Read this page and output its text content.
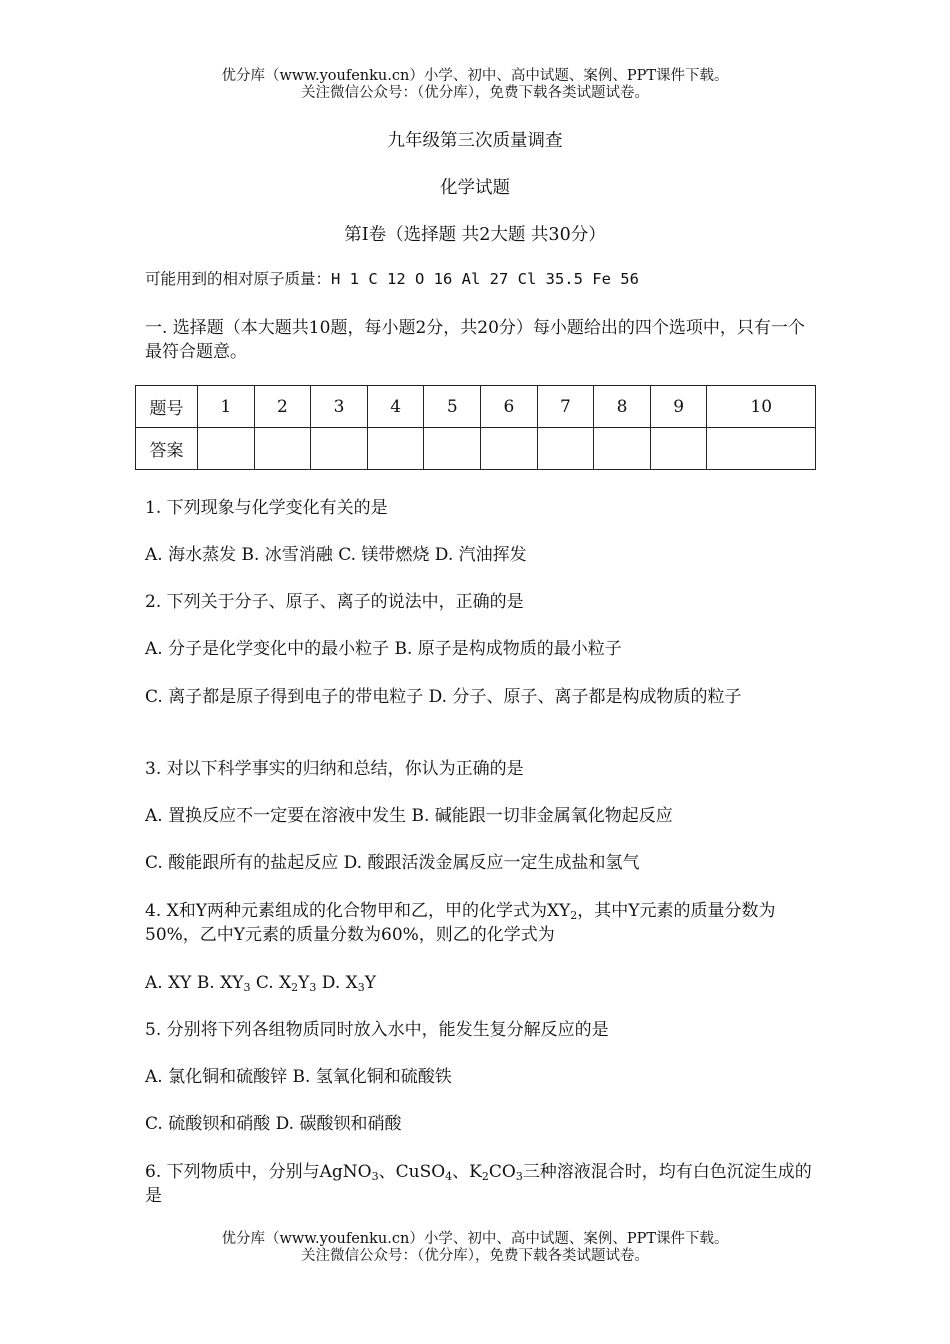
优分库（www.youfenku.cn）小学、初中、高中试题、案例、PPT课件下载。
关注微信公众号：（优分库），免费下载各类试题试卷。
九年级第三次质量调查
化学试题
第Ⅰ卷（选择题 共2大题 共30分）
可能用到的相对原子质量：H 1 C 12 O 16 Al 27 Cl 35.5 Fe 56
一. 选择题（本大题共10题，每小题2分，共20分）每小题给出的四个选项中，只有一个最符合题意。
题号	1	2	3	4	5	6	7	8	9	10
答案										
1. 下列现象与化学变化有关的是
A. 海水蒸发 B. 冰雪消融 C. 镁带燃烧 D. 汽油挥发
2. 下列关于分子、原子、离子的说法中，正确的是
A. 分子是化学变化中的最小粒子 B. 原子是构成物质的最小粒子
C. 离子都是原子得到电子的带电粒子 D. 分子、原子、离子都是构成物质的粒子
3. 对以下科学事实的归纳和总结，你认为正确的是
A. 置换反应不一定要在溶液中发生 B. 碱能跟一切非金属氧化物起反应
C. 酸能跟所有的盐起反应 D. 酸跟活泼金属反应一定生成盐和氢气
4. X和Y两种元素组成的化合物甲和乙，甲的化学式为$XY_2$，其中Y元素的质量分数为50%，乙中Y元素的质量分数为60%，则乙的化学式为
A. XY B. $XY_3$ C. $X_2Y_3$ D. $X_3Y$
5. 分别将下列各组物质同时放入水中，能发生复分解反应的是
A. 氯化铜和硫酸锌 B. 氢氧化铜和硫酸铁
C. 硫酸钡和硝酸 D. 碳酸钡和硝酸
6. 下列物质中，分别与AgNO$_3$、CuSO$_4$、$K_2CO_3$三种溶液混合时，均有白色沉淀生成的是
优分库（www.youfenku.cn）小学、初中、高中试题、案例、PPT课件下载。
关注微信公众号：（优分库），免费下载各类试题试卷。
